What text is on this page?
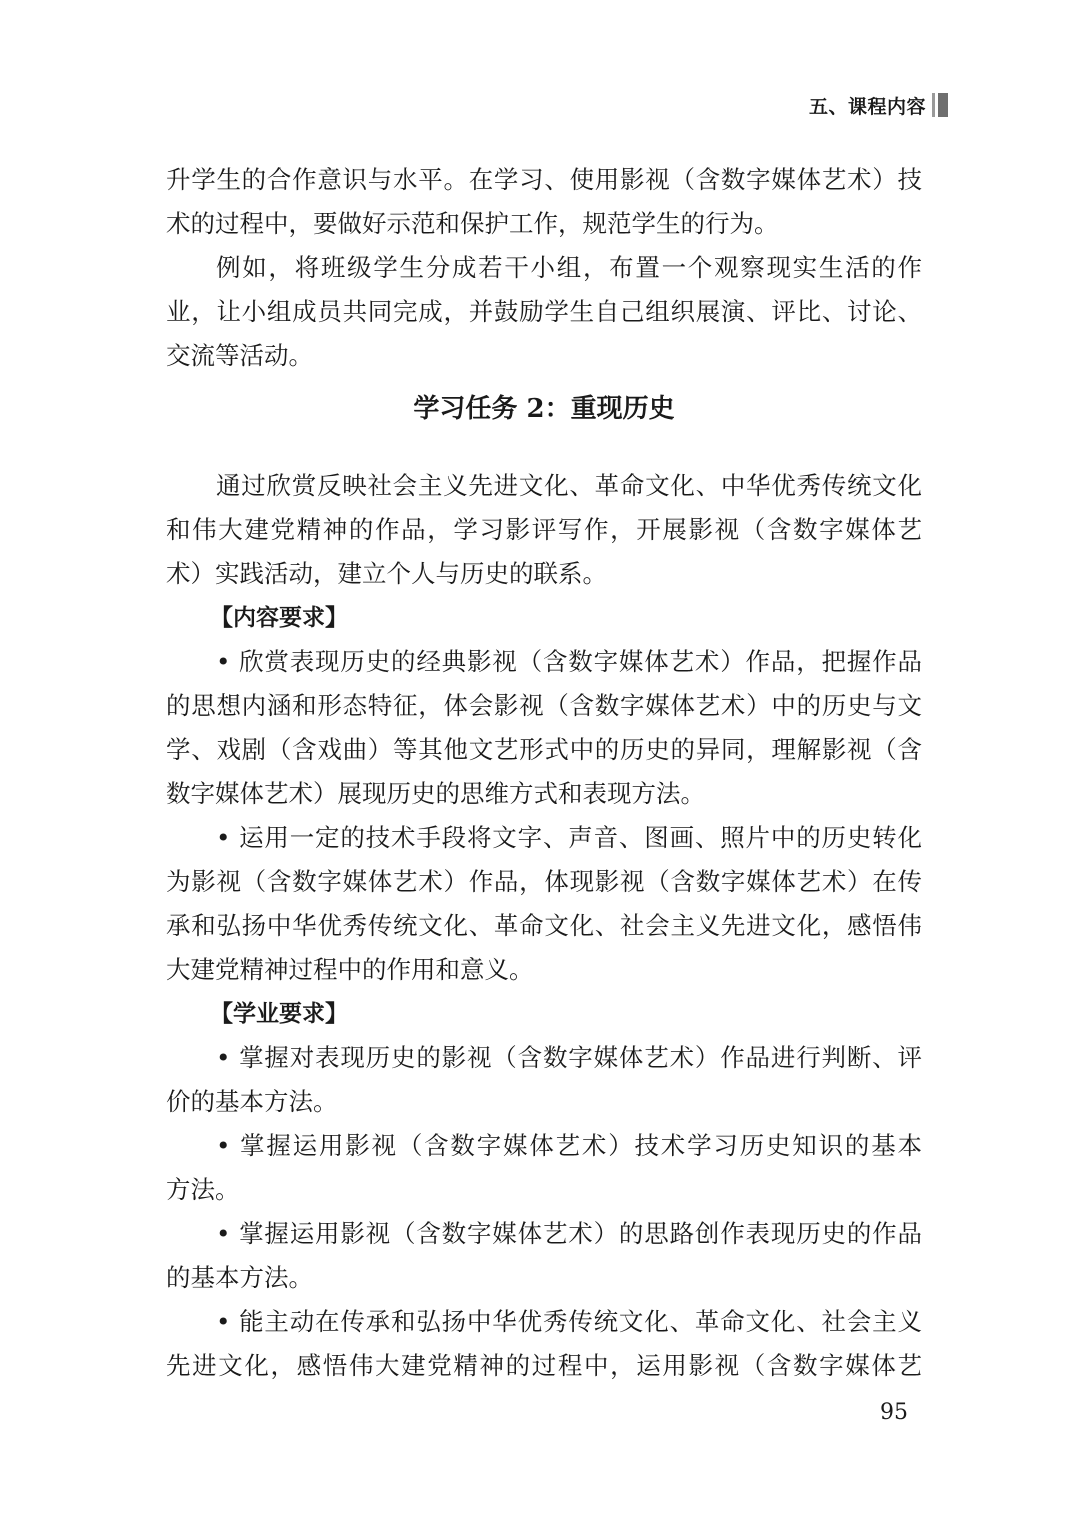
五、课程内容
升学生的合作意识与水平。在学习、使用影视（含数字媒体艺术）技
术的过程中，要做好示范和保护工作，规范学生的行为。
例如，将班级学生分成若干小组，布置一个观察现实生活的作
业，让小组成员共同完成，并鼓励学生自己组织展演、评比、讨论、
交流等活动。
学习任务 2：重现历史
通过欣赏反映社会主义先进文化、革命文化、中华优秀传统文化
和伟大建党精神的作品，学习影评写作，开展影视（含数字媒体艺
术）实践活动，建立个人与历史的联系。
【内容要求】
• 欣赏表现历史的经典影视（含数字媒体艺术）作品，把握作品
的思想内涵和形态特征，体会影视（含数字媒体艺术）中的历史与文
学、戏剧（含戏曲）等其他文艺形式中的历史的异同，理解影视（含
数字媒体艺术）展现历史的思维方式和表现方法。
• 运用一定的技术手段将文字、声音、图画、照片中的历史转化
为影视（含数字媒体艺术）作品，体现影视（含数字媒体艺术）在传
承和弘扬中华优秀传统文化、革命文化、社会主义先进文化，感悟伟
大建党精神过程中的作用和意义。
【学业要求】
• 掌握对表现历史的影视（含数字媒体艺术）作品进行判断、评
价的基本方法。
• 掌握运用影视（含数字媒体艺术）技术学习历史知识的基本
方法。
• 掌握运用影视（含数字媒体艺术）的思路创作表现历史的作品
的基本方法。
• 能主动在传承和弘扬中华优秀传统文化、革命文化、社会主义
先进文化，感悟伟大建党精神的过程中，运用影视（含数字媒体艺
95
